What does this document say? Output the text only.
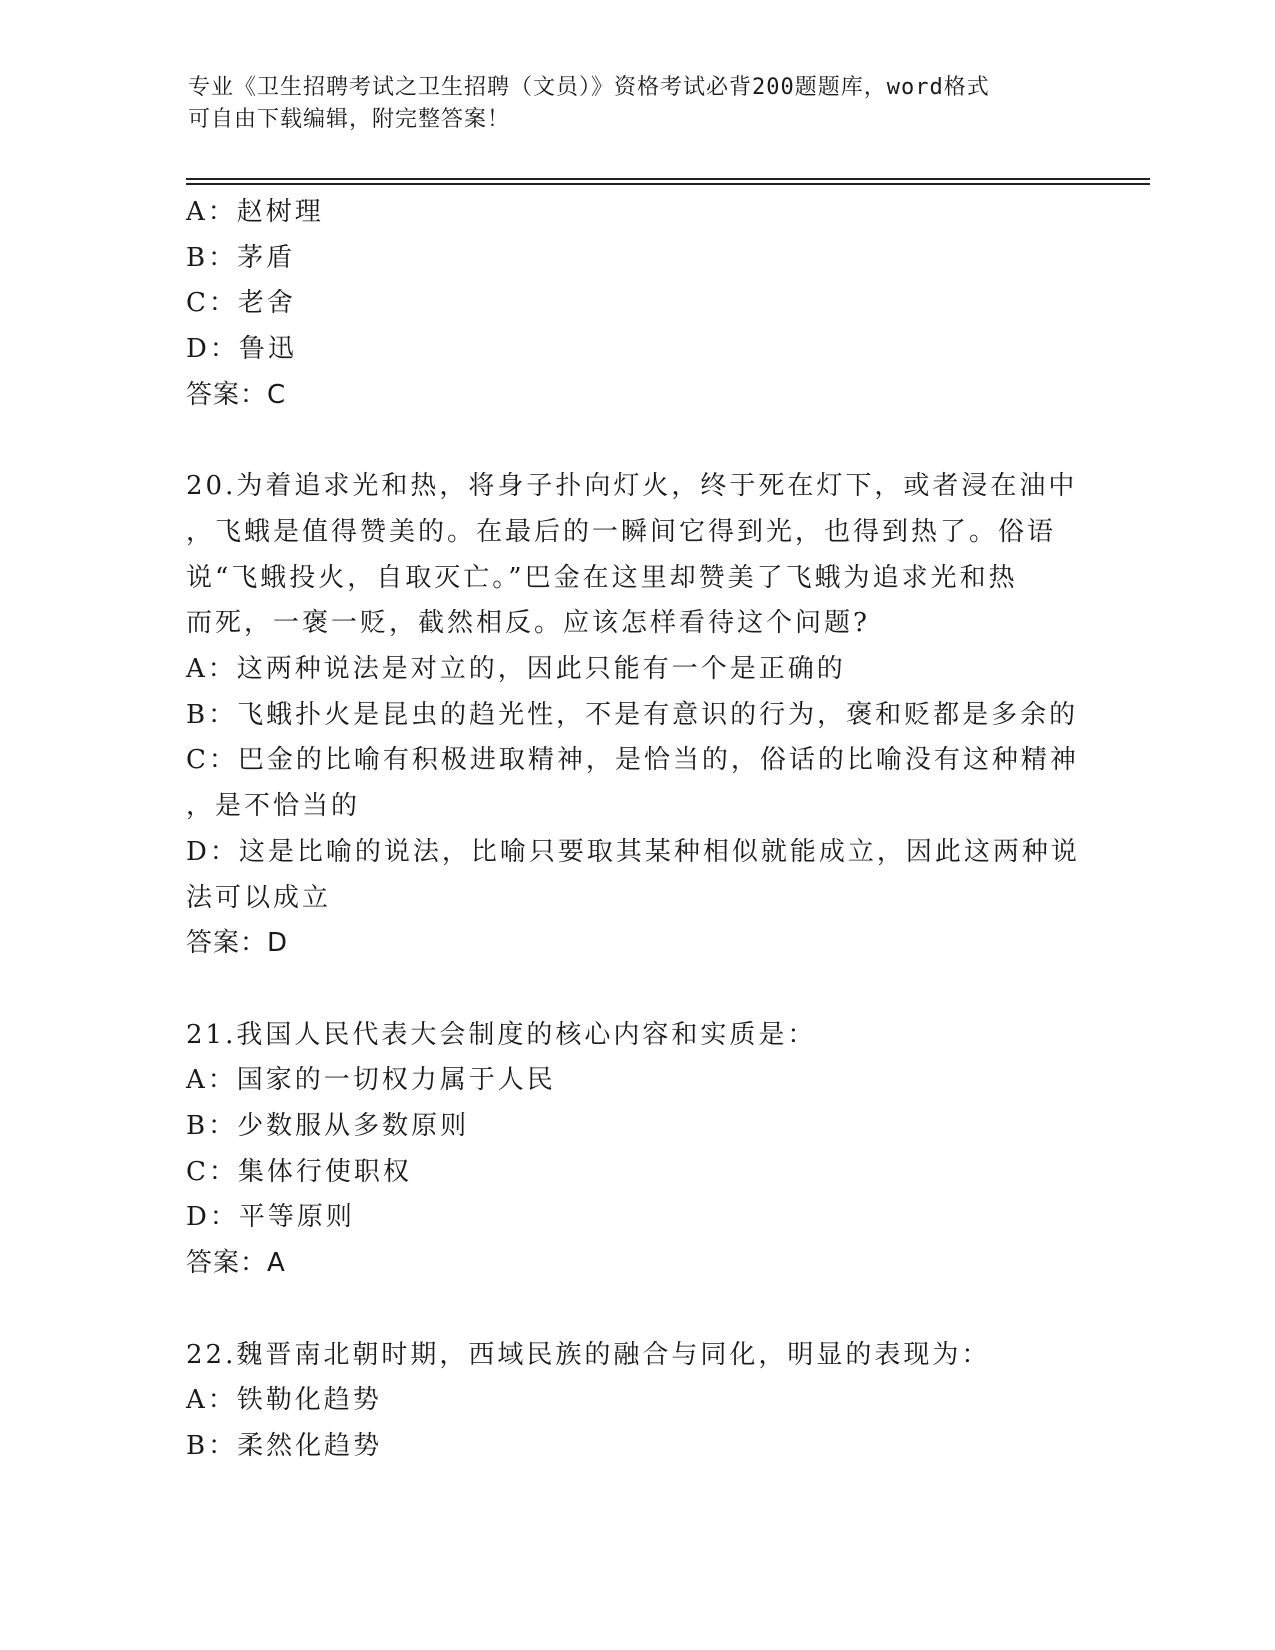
专业《卫生招聘考试之卫生招聘（文员）》资格考试必背200题题库，word格式

可自由下载编辑，附完整答案！

A：赵树理
B：茅盾
C：老舍
D：鲁迅
答案：C
20.为着追求光和热，将身子扑向灯火，终于死在灯下，或者浸在油中
，飞蛾是值得赞美的。在最后的一瞬间它得到光，也得到热了。俗语
说“飞蛾投火，自取灭亡。”巴金在这里却赞美了飞蛾为追求光和热
而死，一褒一贬，截然相反。应该怎样看待这个问题?
A：这两种说法是对立的，因此只能有一个是正确的
B：飞蛾扑火是昆虫的趋光性，不是有意识的行为，褒和贬都是多余的
C：巴金的比喻有积极进取精神，是恰当的，俗话的比喻没有这种精神
，是不恰当的
D：这是比喻的说法，比喻只要取其某种相似就能成立，因此这两种说
法可以成立
答案：D
21.我国人民代表大会制度的核心内容和实质是：
A：国家的一切权力属于人民
B：少数服从多数原则
C：集体行使职权
D：平等原则
答案：A
22.魏晋南北朝时期，西域民族的融合与同化，明显的表现为：
A：铁勒化趋势
B：柔然化趋势
